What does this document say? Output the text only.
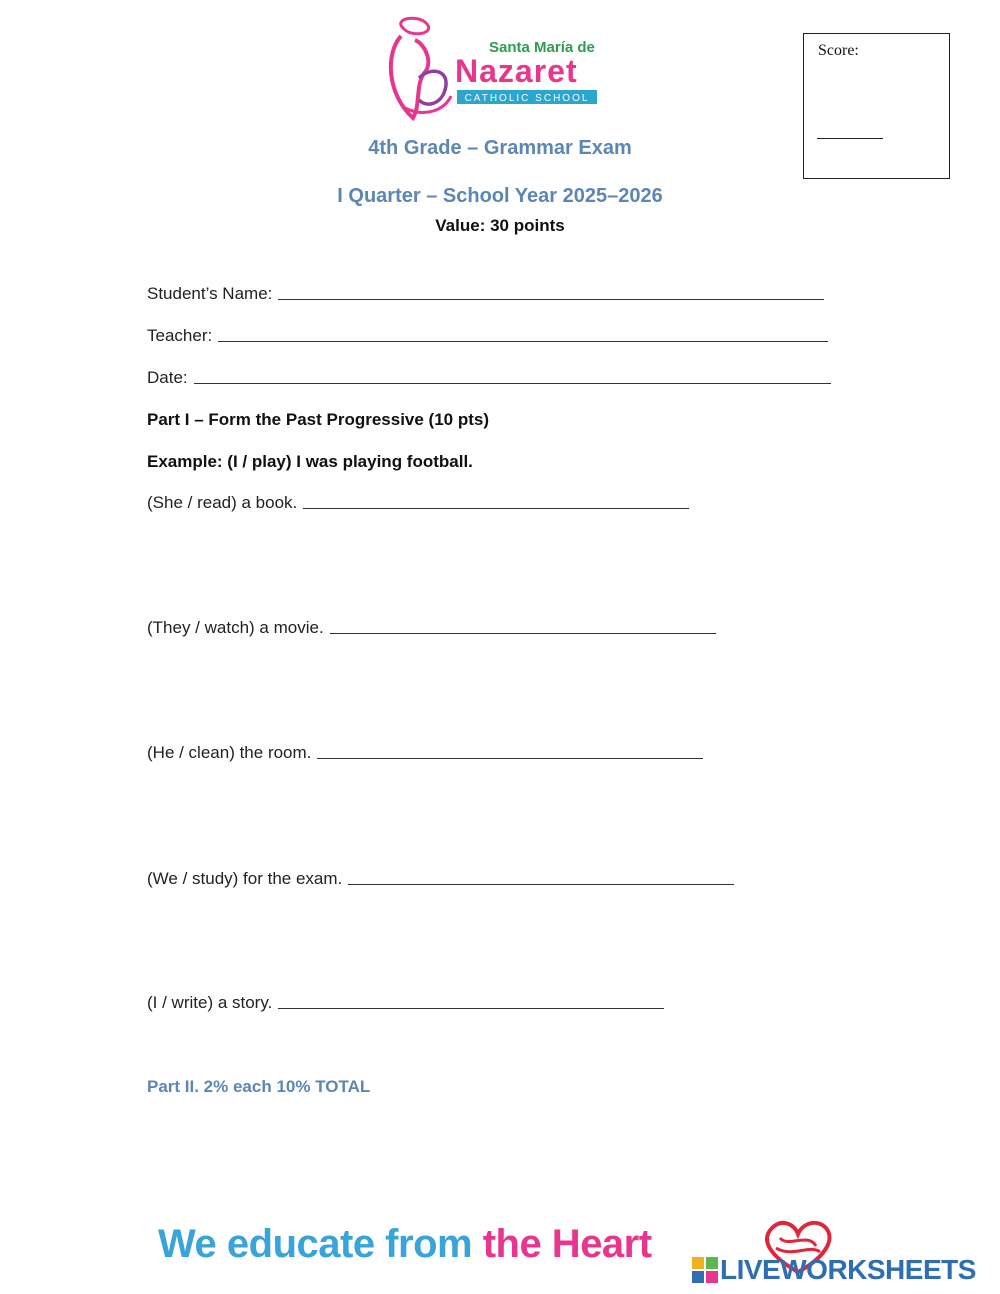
Santa María de
Nazaret
CATHOLIC SCHOOL
Score:
4th Grade – Grammar Exam
I Quarter – School Year 2025–2026
Value: 30 points
Student’s Name:
Teacher:
Date:
Part I – Form the Past Progressive (10 pts)
Example: (I / play) I was playing football.
(She / read) a book.
(They / watch) a movie.
(He / clean) the room.
(We / study) for the exam.
(I / write) a story.
Part II. 2% each 10% TOTAL
We educate from the Heart
LIVEWORKSHEETS
